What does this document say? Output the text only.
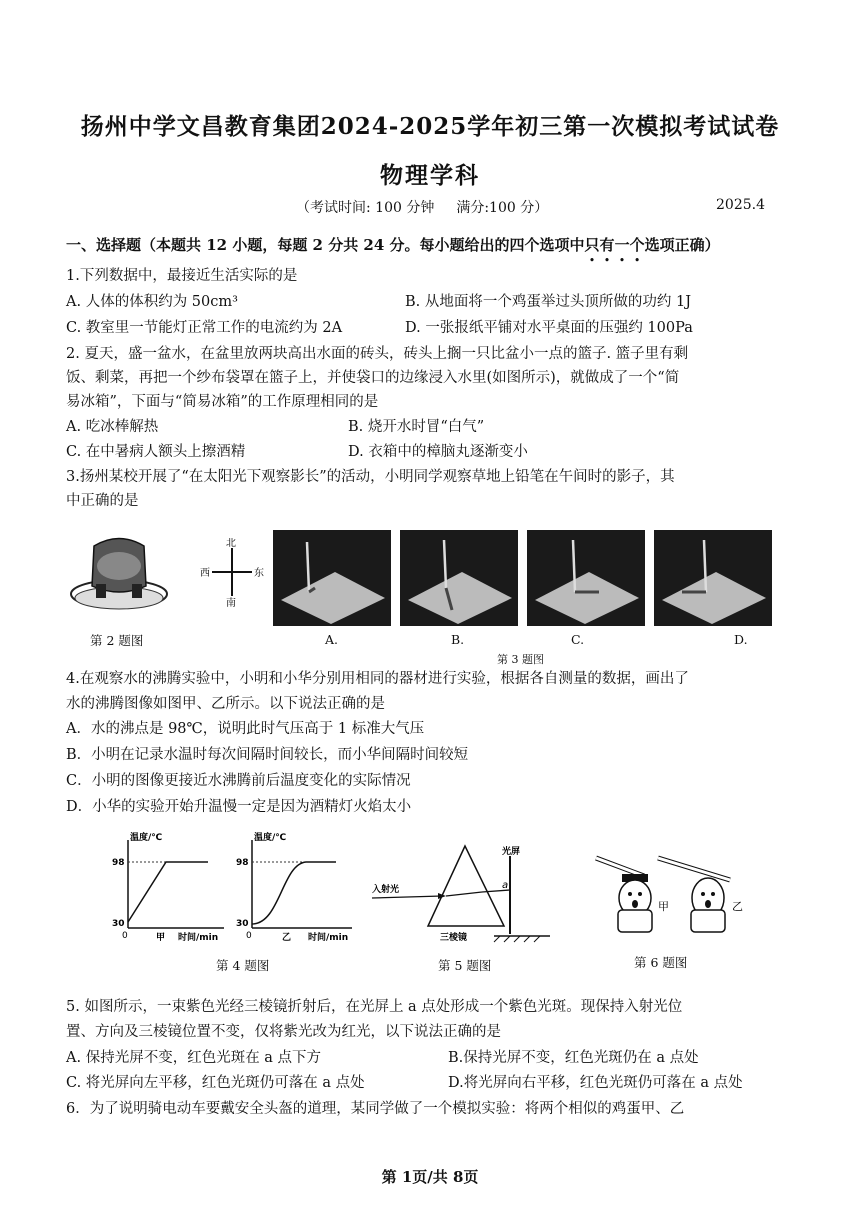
扬州中学文昌教育集团2024-2025学年初三第一次模拟考试试卷
物理学科
（考试时间: 100 分钟 满分:100 分）	2025.4
一、选择题（本题共 12 小题，每题 2 分共 24 分。每小题给出的四个选项中只有一个选项正确）
1.下列数据中，最接近生活实际的是
A. 人体的体积约为 50cm³	B. 从地面将一个鸡蛋举过头顶所做的功约 1J
C. 教室里一节能灯正常工作的电流约为 2A	D. 一张报纸平铺对水平桌面的压强约 100Pa
2. 夏天，盛一盆水，在盆里放两块高出水面的砖头，砖头上搁一只比盆小一点的篮子. 篮子里有剩
饭、剩菜，再把一个纱布袋罩在篮子上，并使袋口的边缘浸入水里(如图所示)，就做成了一个“简
易冰箱”，下面与“简易冰箱”的工作原理相同的是
A. 吃冰棒解热	B. 烧开水时冒“白气”
C. 在中暑病人额头上擦酒精	D. 衣箱中的樟脑丸逐渐变小
3.扬州某校开展了“在太阳光下观察影长”的活动，小明同学观察草地上铅笔在午间时的影子，其
中正确的是
第 2 题图
北
南
西	东
A.	B.	C.	D.
第 3 题图
4.在观察水的沸腾实验中，小明和小华分别用相同的器材进行实验，根据各自测量的数据，画出了
水的沸腾图像如图甲、乙所示。以下说法正确的是
A．水的沸点是 98℃，说明此时气压高于 1 标准大气压
B．小明在记录水温时每次间隔时间较长，而小华间隔时间较短
C．小明的图像更接近水沸腾前后温度变化的实际情况
D．小华的实验开始升温慢一定是因为酒精灯火焰太小
温度/℃
98
30
0	甲 时间/min
温度/℃
98
30
0	乙 时间/min
第 4 题图
光屏
入射光	a
三棱镜
第 5 题图
甲	乙
第 6 题图
5. 如图所示，一束紫色光经三棱镜折射后，在光屏上 a 点处形成一个紫色光斑。现保持入射光位
置、方向及三棱镜位置不变，仅将紫光改为红光，以下说法正确的是
A. 保持光屏不变，红色光斑在 a 点下方	B.保持光屏不变，红色光斑仍在 a 点处
C. 将光屏向左平移，红色光斑仍可落在 a 点处	D.将光屏向右平移，红色光斑仍可落在 a 点处
6．为了说明骑电动车要戴安全头盔的道理，某同学做了一个模拟实验：将两个相似的鸡蛋甲、乙
第 1页/共 8页
